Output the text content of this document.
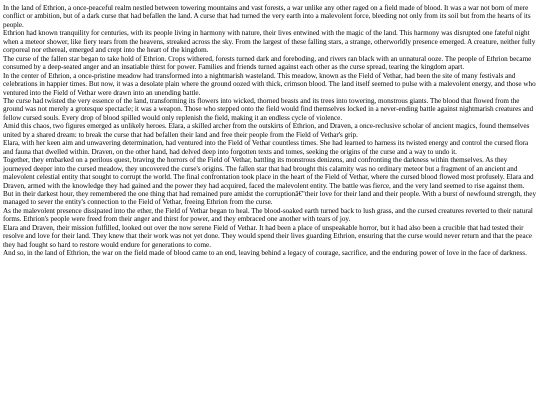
In the land of Ethrion, a once-peaceful realm nestled between towering mountains and vast forests, a war unlike any other raged on a field made of blood. It was a war not born of mere conflict or ambition, but of a dark curse that had befallen the land. A curse that had turned the very earth into a malevolent force, bleeding not only from its soil but from the hearts of its people.

Ethrion had known tranquility for centuries, with its people living in harmony with nature, their lives entwined with the magic of the land. This harmony was disrupted one fateful night when a meteor shower, like fiery tears from the heavens, streaked across the sky. From the largest of these falling stars, a strange, otherworldly presence emerged. A creature, neither fully corporeal nor ethereal, emerged and crept into the heart of the kingdom.

The curse of the fallen star began to take hold of Ethrion. Crops withered, forests turned dark and foreboding, and rivers ran black with an unnatural ooze. The people of Ethrion became consumed by a deep-seated anger and an insatiable thirst for power. Families and friends turned against each other as the curse spread, tearing the kingdom apart.

In the center of Ethrion, a once-pristine meadow had transformed into a nightmarish wasteland. This meadow, known as the Field of Vethar, had been the site of many festivals and celebrations in happier times. But now, it was a desolate plain where the ground oozed with thick, crimson blood. The land itself seemed to pulse with a malevolent energy, and those who ventured into the Field of Vethar were drawn into an unending battle.

The curse had twisted the very essence of the land, transforming its flowers into wicked, thorned beasts and its trees into towering, monstrous giants. The blood that flowed from the ground was not merely a grotesque spectacle; it was a weapon. Those who stepped onto the field would find themselves locked in a never-ending battle against nightmarish creatures and fellow cursed souls. Every drop of blood spilled would only replenish the field, making it an endless cycle of violence.

Amid this chaos, two figures emerged as unlikely heroes. Elara, a skilled archer from the outskirts of Ethrion, and Draven, a once-reclusive scholar of ancient magics, found themselves united by a shared dream: to break the curse that had befallen their land and free their people from the Field of Vethar's grip.

Elara, with her keen aim and unwavering determination, had ventured into the Field of Vethar countless times. She had learned to harness its twisted energy and control the cursed flora and fauna that dwelled within. Draven, on the other hand, had delved deep into forgotten texts and tomes, seeking the origins of the curse and a way to undo it.

Together, they embarked on a perilous quest, braving the horrors of the Field of Vethar, battling its monstrous denizens, and confronting the darkness within themselves. As they journeyed deeper into the cursed meadow, they uncovered the curse's origins. The fallen star that had brought this calamity was no ordinary meteor but a fragment of an ancient and malevolent celestial entity that sought to corrupt the world. The final confrontation took place in the heart of the Field of Vethar, where the cursed blood flowed most profusely. Elara and Draven, armed with the knowledge they had gained and the power they had acquired, faced the malevolent entity. The battle was fierce, and the very land seemed to rise against them.

But in their darkest hour, they remembered the one thing that had remained pure amidst the corruptionâ€"their love for their land and their people. With a burst of newfound strength, they managed to sever the entity's connection to the Field of Vethar, freeing Ethrion from the curse.

As the malevolent presence dissipated into the ether, the Field of Vethar began to heal. The blood-soaked earth turned back to lush grass, and the cursed creatures reverted to their natural forms. Ethrion's people were freed from their anger and thirst for power, and they embraced one another with tears of joy.

Elara and Draven, their mission fulfilled, looked out over the now serene Field of Vethar. It had been a place of unspeakable horror, but it had also been a crucible that had tested their resolve and love for their land. They knew that their work was not yet done. They would spend their lives guarding Ethrion, ensuring that the curse would never return and that the peace they had fought so hard to restore would endure for generations to come.

And so, in the land of Ethrion, the war on the field made of blood came to an end, leaving behind a legacy of courage, sacrifice, and the enduring power of love in the face of darkness.
